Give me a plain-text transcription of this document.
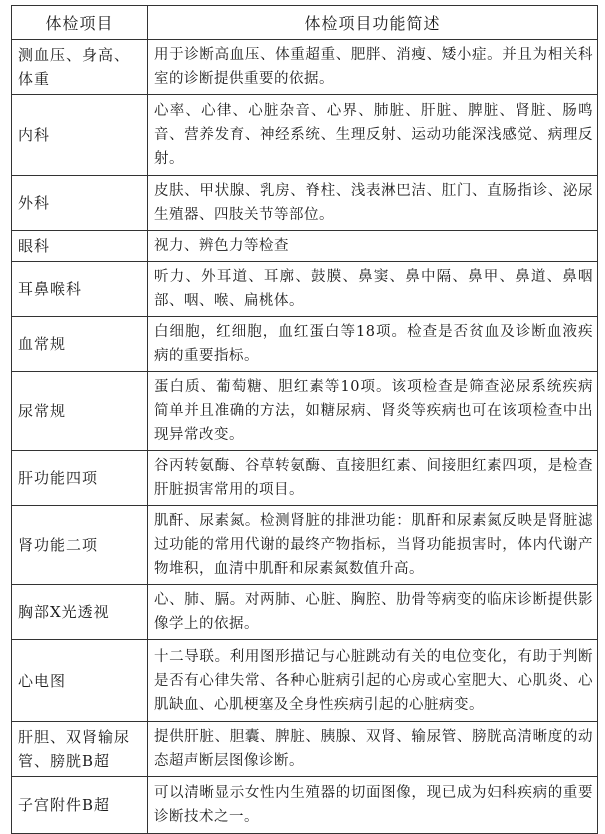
体检项目	体检项目功能简述
测血压、身高、体重	用于诊断高血压、体重超重、肥胖、消瘦、矮小症。并且为相关科室的诊断提供重要的依据。
内科	心率、心律、心脏杂音、心界、肺脏、肝脏、脾脏、肾脏、肠鸣音、营养发育、神经系统、生理反射、运动功能深浅感觉、病理反射。
外科	皮肤、甲状腺、乳房、脊柱、浅表淋巴洁、肛门、直肠指诊、泌尿生殖器、四肢关节等部位。
眼科	视力、辨色力等检查
耳鼻喉科	听力、外耳道、耳廓、鼓膜、鼻窦、鼻中隔、鼻甲、鼻道、鼻咽部、咽、喉、扁桃体。
血常规	白细胞，红细胞，血红蛋白等18项。检查是否贫血及诊断血液疾病的重要指标。
尿常规	蛋白质、葡萄糖、胆红素等10项。该项检查是筛查泌尿系统疾病简单并且准确的方法，如糖尿病、肾炎等疾病也可在该项检查中出现异常改变。
肝功能四项	谷丙转氨酶、谷草转氨酶、直接胆红素、间接胆红素四项，是检查肝脏损害常用的项目。
肾功能二项	肌酐、尿素氮。检测肾脏的排泄功能：肌酐和尿素氮反映是肾脏滤过功能的常用代谢的最终产物指标，当肾功能损害时，体内代谢产物堆积，血清中肌酐和尿素氮数值升高。
胸部X光透视	心、肺、膈。对两肺、心脏、胸腔、肋骨等病变的临床诊断提供影像学上的依据。
心电图	十二导联。利用图形描记与心脏跳动有关的电位变化，有助于判断是否有心律失常、各种心脏病引起的心房或心室肥大、心肌炎、心肌缺血、心肌梗塞及全身性疾病引起的心脏病变。
肝胆、双肾输尿管、膀胱B超	提供肝脏、胆囊、脾脏、胰腺、双肾、输尿管、膀胱高清晰度的动态超声断层图像诊断。
子宫附件B超	可以清晰显示女性内生殖器的切面图像，现已成为妇科疾病的重要诊断技术之一。
